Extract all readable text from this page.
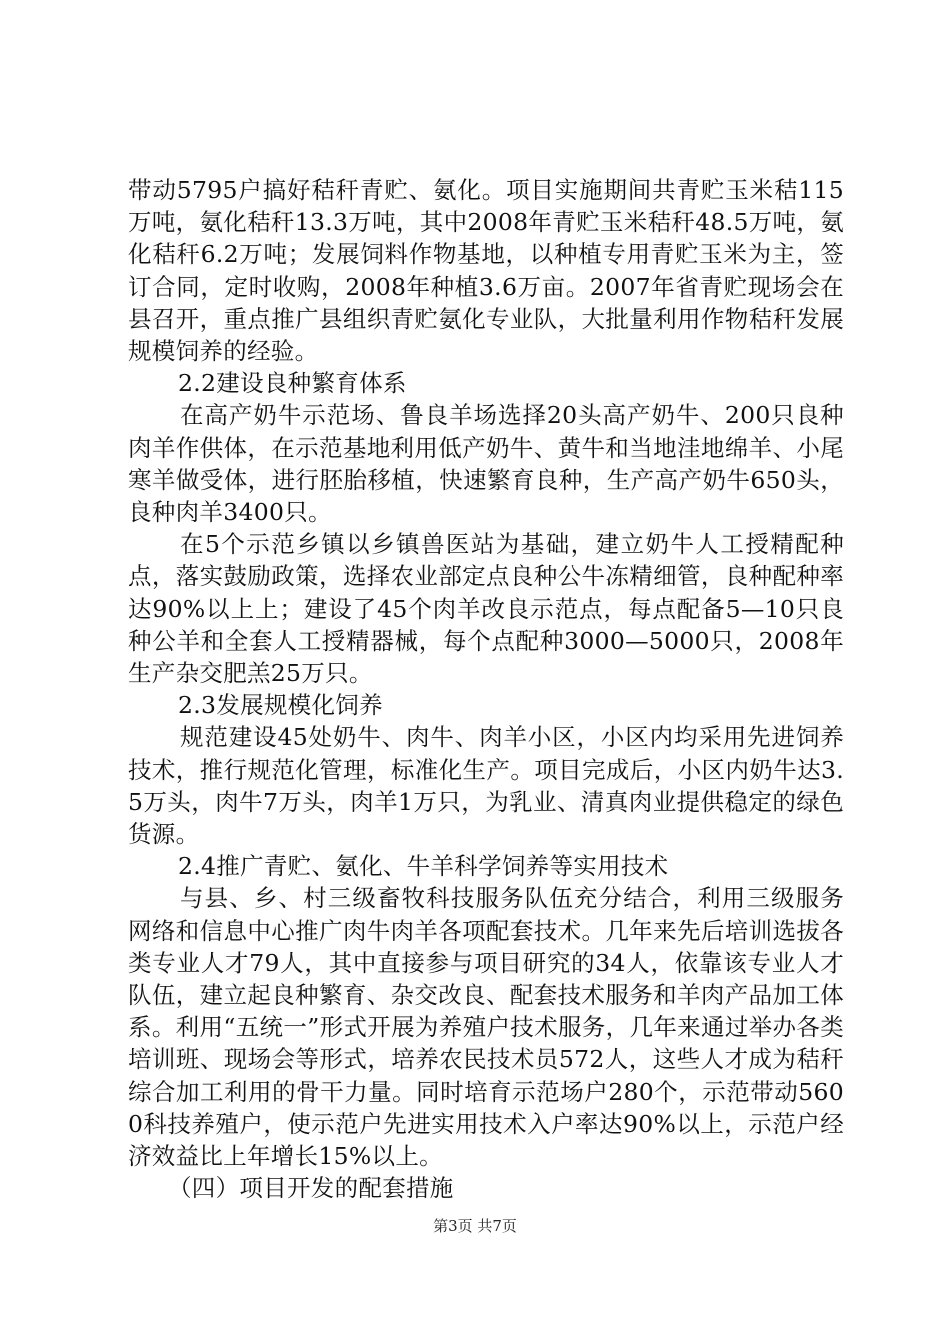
带动5795户搞好秸秆青贮、氨化。项目实施期间共青贮玉米秸115万吨，氨化秸秆13.3万吨，其中2008年青贮玉米秸秆48.5万吨，氨化秸秆6.2万吨；发展饲料作物基地，以种植专用青贮玉米为主，签订合同，定时收购，2008年种植3.6万亩。2007年省青贮现场会在县召开，重点推广县组织青贮氨化专业队，大批量利用作物秸秆发展规模饲养的经验。

2.2建设良种繁育体系

在高产奶牛示范场、鲁良羊场选择20头高产奶牛、200只良种肉羊作供体，在示范基地利用低产奶牛、黄牛和当地洼地绵羊、小尾寒羊做受体，进行胚胎移植，快速繁育良种，生产高产奶牛650头，良种肉羊3400只。

在5个示范乡镇以乡镇兽医站为基础，建立奶牛人工授精配种点，落实鼓励政策，选择农业部定点良种公牛冻精细管，良种配种率达90%以上上；建设了45个肉羊改良示范点，每点配备5—10只良种公羊和全套人工授精器械，每个点配种3000—5000只，2008年生产杂交肥羔25万只。

2.3发展规模化饲养

规范建设45处奶牛、肉牛、肉羊小区，小区内均采用先进饲养技术，推行规范化管理，标准化生产。项目完成后，小区内奶牛达3.5万头，肉牛7万头，肉羊1万只，为乳业、清真肉业提供稳定的绿色货源。

2.4推广青贮、氨化、牛羊科学饲养等实用技术

与县、乡、村三级畜牧科技服务队伍充分结合，利用三级服务网络和信息中心推广肉牛肉羊各项配套技术。几年来先后培训选拔各类专业人才79人，其中直接参与项目研究的34人，依靠该专业人才队伍，建立起良种繁育、杂交改良、配套技术服务和羊肉产品加工体系。利用“五统一”形式开展为养殖户技术服务，几年来通过举办各类培训班、现场会等形式，培养农民技术员572人，这些人才成为秸秆综合加工利用的骨干力量。同时培育示范场户280个，示范带动5600科技养殖户，使示范户先进实用技术入户率达90%以上，示范户经济效益比上年增长15%以上。

（四）项目开发的配套措施

第3页 共7页
